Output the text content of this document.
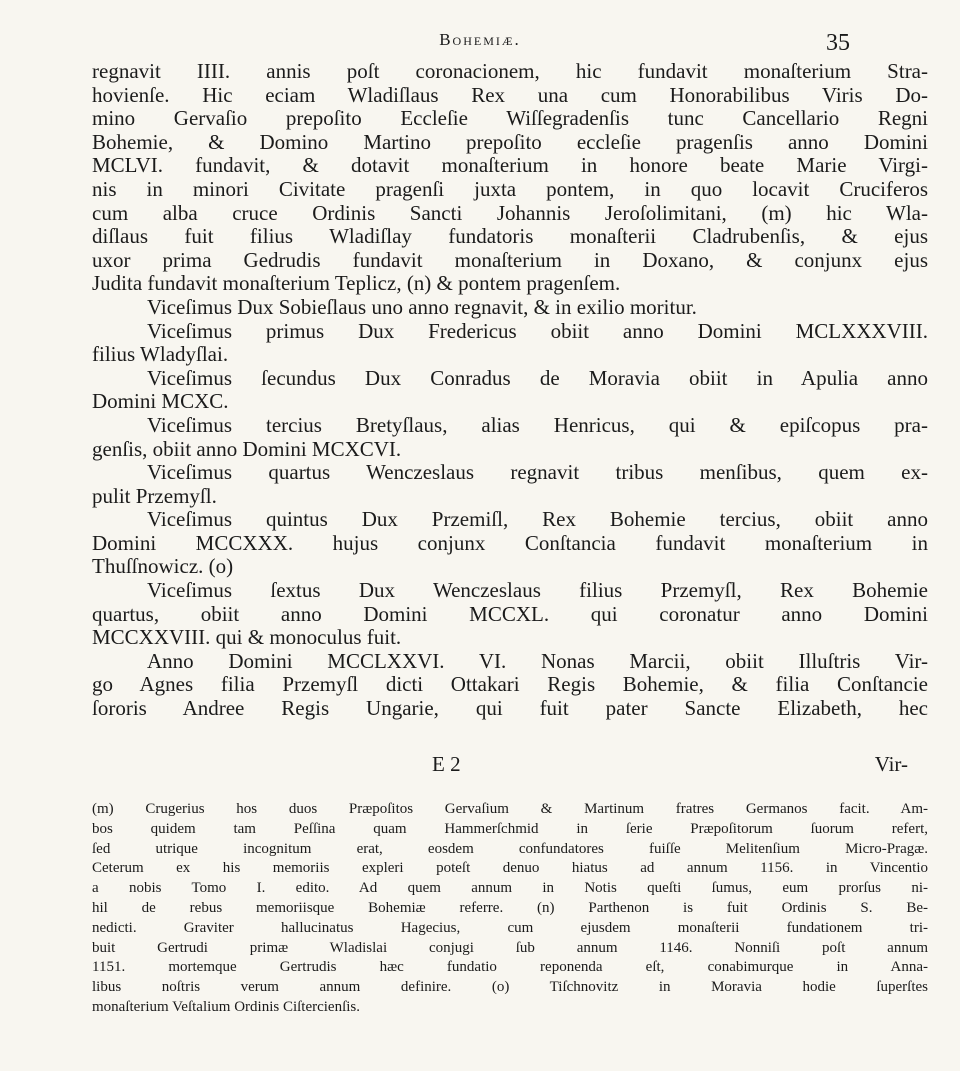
Bohemiæ.	35
regnavit IIII. annis poſt coronacionem, hic fundavit monaſterium Stra-
hovienſe. Hic eciam Wladiſlaus Rex una cum Honorabilibus Viris Do-
mino Gervaſio prepoſito Eccleſie Wiſſegradenſis tunc Cancellario Regni
Bohemie, & Domino Martino prepoſito eccleſie pragenſis anno Domini
MCLVI. fundavit, & dotavit monaſterium in honore beate Marie Virgi-
nis in minori Civitate pragenſi juxta pontem, in quo locavit Cruciferos
cum alba cruce Ordinis Sancti Johannis Jeroſolimitani, (m) hic Wla-
diſlaus fuit filius Wladiſlay fundatoris monaſterii Cladrubenſis, & ejus
uxor prima Gedrudis fundavit monaſterium in Doxano, & conjunx ejus
Judita fundavit monaſterium Teplicz, (n) & pontem pragenſem.
Viceſimus Dux Sobieſlaus uno anno regnavit, & in exilio moritur.
Viceſimus primus Dux Fredericus obiit anno Domini MCLXXXVIII.
filius Wladyſlai.
Viceſimus ſecundus Dux Conradus de Moravia obiit in Apulia anno
Domini MCXC.
Viceſimus tercius Bretyſlaus, alias Henricus, qui & epiſcopus pra-
genſis, obiit anno Domini MCXCVI.
Viceſimus quartus Wenczeslaus regnavit tribus menſibus, quem ex-
pulit Przemyſl.
Viceſimus quintus Dux Przemiſl, Rex Bohemie tercius, obiit anno
Domini MCCXXX. hujus conjunx Conſtancia fundavit monaſterium in
Thuſſnowicz. (o)
Viceſimus ſextus Dux Wenczeslaus filius Przemyſl, Rex Bohemie
quartus, obiit anno Domini MCCXL. qui coronatur anno Domini
MCCXXVIII. qui & monoculus fuit.
Anno Domini MCCLXXVI. VI. Nonas Marcii, obiit Illuſtris Vir-
go Agnes filia Przemyſl dicti Ottakari Regis Bohemie, & filia Conſtancie
ſororis Andree Regis Ungarie, qui fuit pater Sancte Elizabeth, hec
E 2	Vir-
(m) Crugerius hos duos Præpoſitos Gervaſium & Martinum fratres Germanos facit. Am-
bos quidem tam Peſſina quam Hammerſchmid in ſerie Præpoſitorum ſuorum refert,
ſed utrique incognitum erat, eosdem confundatores fuiſſe Melitenſium Micro-Pragæ.
Ceterum ex his memoriis expleri poteſt denuo hiatus ad annum 1156. in Vincentio
a nobis Tomo I. edito. Ad quem annum in Notis queſti ſumus, eum prorſus ni-
hil de rebus memoriisque Bohemiæ referre. (n) Parthenon is fuit Ordinis S. Be-
nedicti. Graviter hallucinatus Hagecius, cum ejusdem monaſterii fundationem tri-
buit Gertrudi primæ Wladislai conjugi ſub annum 1146. Nonniſi poſt annum
1151. mortemque Gertrudis hæc fundatio reponenda eſt, conabimurque in Anna-
libus noſtris verum annum definire. (o) Tiſchnovitz in Moravia hodie ſuperſtes
monaſterium Veſtalium Ordinis Ciſtercienſis.
